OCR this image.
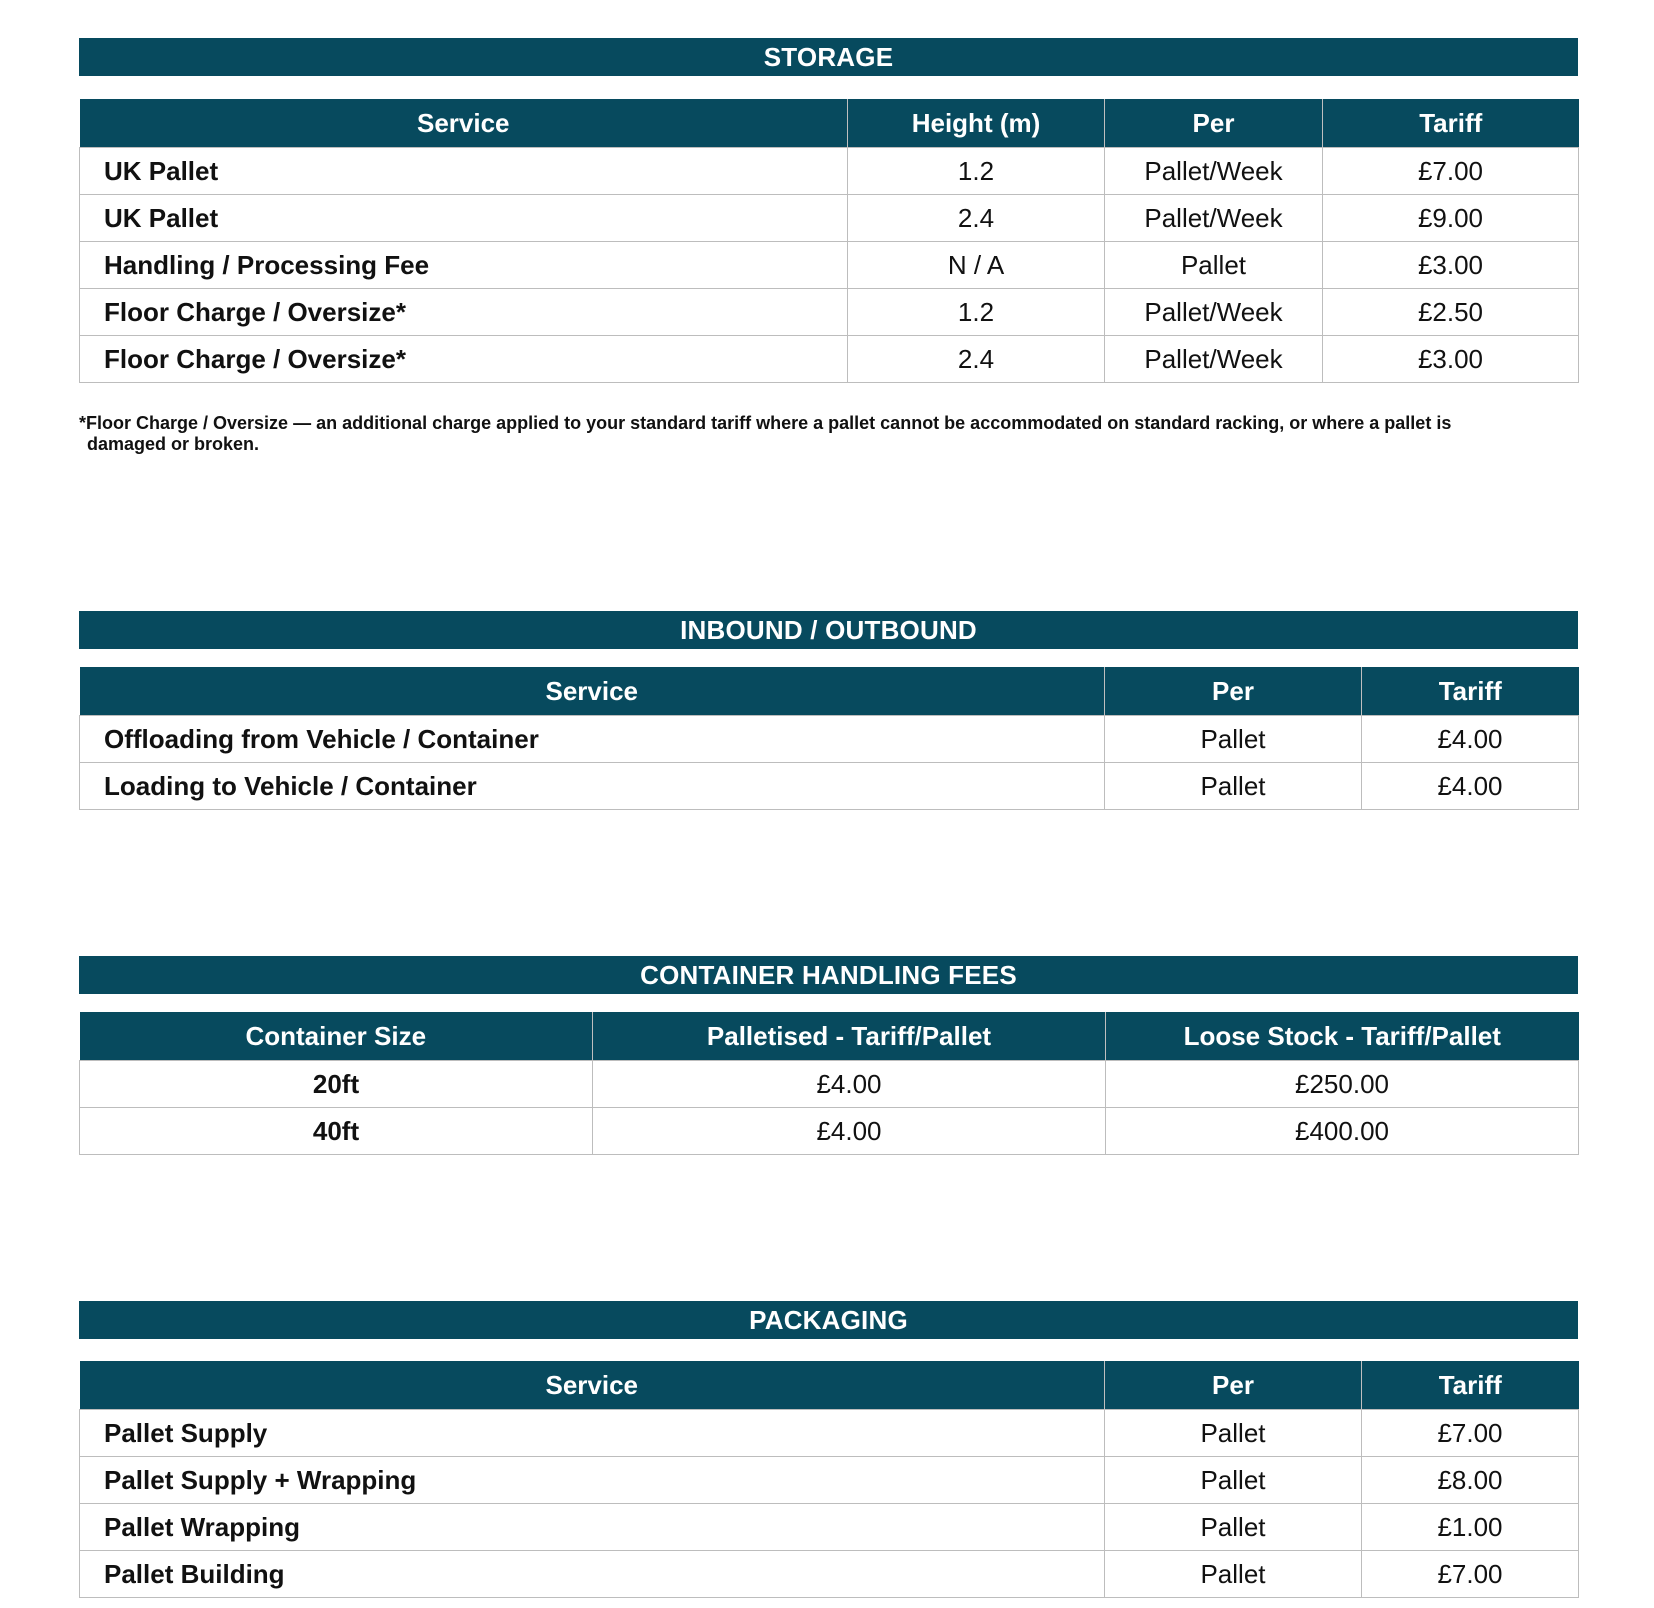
STORAGE
Service	Height (m)	Per	Tariff
UK Pallet	1.2	Pallet/Week	£7.00
UK Pallet	2.4	Pallet/Week	£9.00
Handling / Processing Fee	N / A	Pallet	£3.00
Floor Charge / Oversize*	1.2	Pallet/Week	£2.50
Floor Charge / Oversize*	2.4	Pallet/Week	£3.00
*Floor Charge / Oversize — an additional charge applied to your standard tariff where a pallet cannot be accommodated on standard racking, or where a pallet is
damaged or broken.
INBOUND / OUTBOUND
Service	Per	Tariff
Offloading from Vehicle / Container	Pallet	£4.00
Loading to Vehicle / Container	Pallet	£4.00
CONTAINER HANDLING FEES
Container Size	Palletised - Tariff/Pallet	Loose Stock - Tariff/Pallet
20ft	£4.00	£250.00
40ft	£4.00	£400.00
PACKAGING
Service	Per	Tariff
Pallet Supply	Pallet	£7.00
Pallet Supply + Wrapping	Pallet	£8.00
Pallet Wrapping	Pallet	£1.00
Pallet Building	Pallet	£7.00
